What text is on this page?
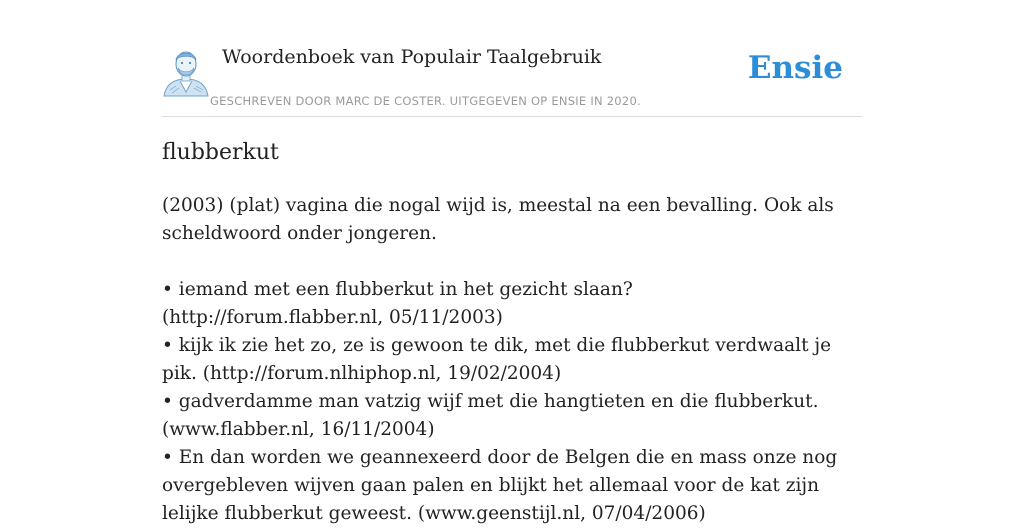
Woordenboek van Populair Taalgebruik
GESCHREVEN DOOR MARC DE COSTER. UITGEGEVEN OP ENSIE IN 2020.
Ensie
flubberkut

(2003) (plat) vagina die nogal wijd is, meestal na een bevalling. Ook als scheldwoord onder jongeren.

• iemand met een flubberkut in het gezicht slaan? (http://forum.flabber.nl, 05/11/2003)

• kijk ik zie het zo, ze is gewoon te dik, met die flubberkut verdwaalt je pik. (http://forum.nlhiphop.nl, 19/02/2004)

• gadverdamme man vatzig wijf met die hangtieten en die flubberkut. (www.flabber.nl, 16/11/2004)

• En dan worden we geannexeerd door de Belgen die en mass onze nog overgebleven wijven gaan palen en blijkt het allemaal voor de kat zijn lelijke flubberkut geweest. (www.geenstijl.nl, 07/04/2006)
